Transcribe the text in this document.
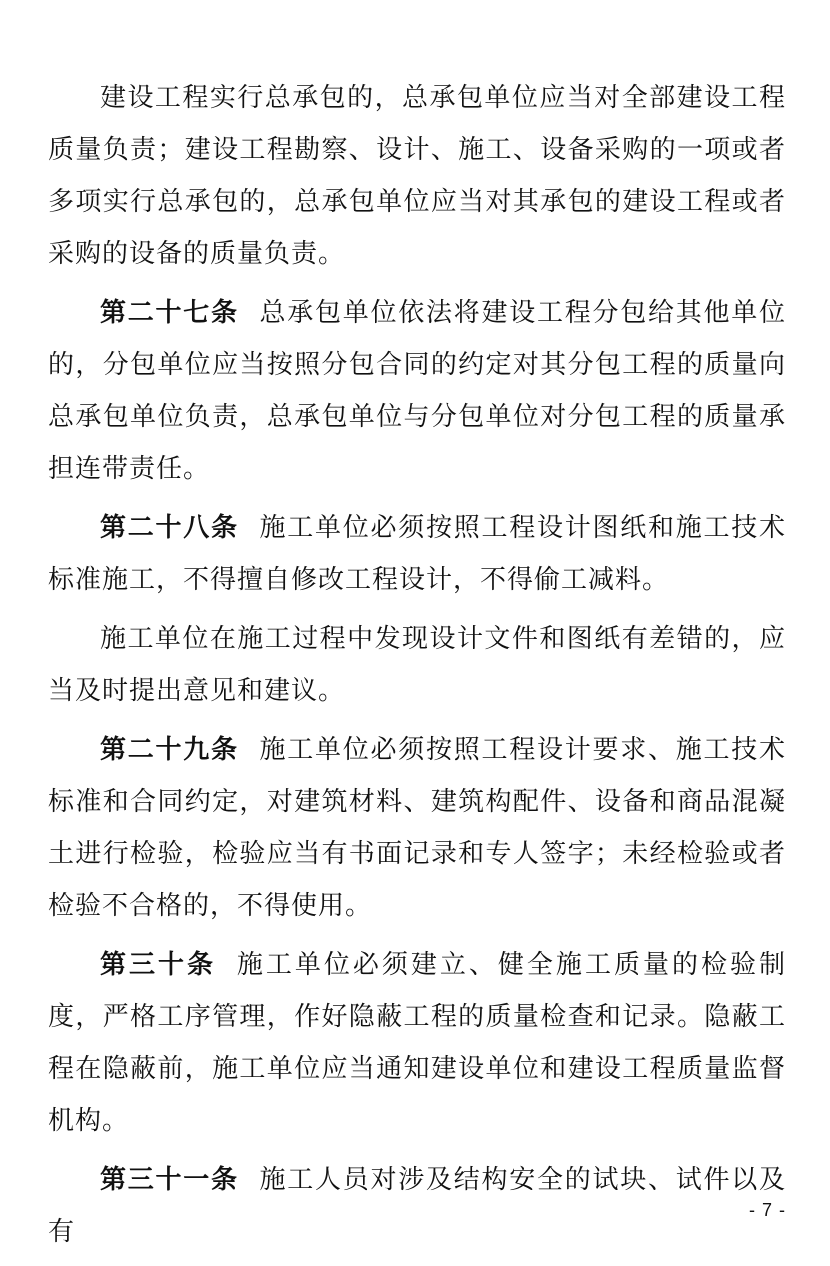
建设工程实行总承包的，总承包单位应当对全部建设工程质量负责；建设工程勘察、设计、施工、设备采购的一项或者多项实行总承包的，总承包单位应当对其承包的建设工程或者采购的设备的质量负责。

第二十七条 总承包单位依法将建设工程分包给其他单位的，分包单位应当按照分包合同的约定对其分包工程的质量向总承包单位负责，总承包单位与分包单位对分包工程的质量承担连带责任。

第二十八条 施工单位必须按照工程设计图纸和施工技术标准施工，不得擅自修改工程设计，不得偷工减料。

施工单位在施工过程中发现设计文件和图纸有差错的，应当及时提出意见和建议。

第二十九条 施工单位必须按照工程设计要求、施工技术标准和合同约定，对建筑材料、建筑构配件、设备和商品混凝土进行检验，检验应当有书面记录和专人签字；未经检验或者检验不合格的，不得使用。

第三十条 施工单位必须建立、健全施工质量的检验制度，严格工序管理，作好隐蔽工程的质量检查和记录。隐蔽工程在隐蔽前，施工单位应当通知建设单位和建设工程质量监督机构。

第三十一条 施工人员对涉及结构安全的试块、试件以及有

- 7 -
